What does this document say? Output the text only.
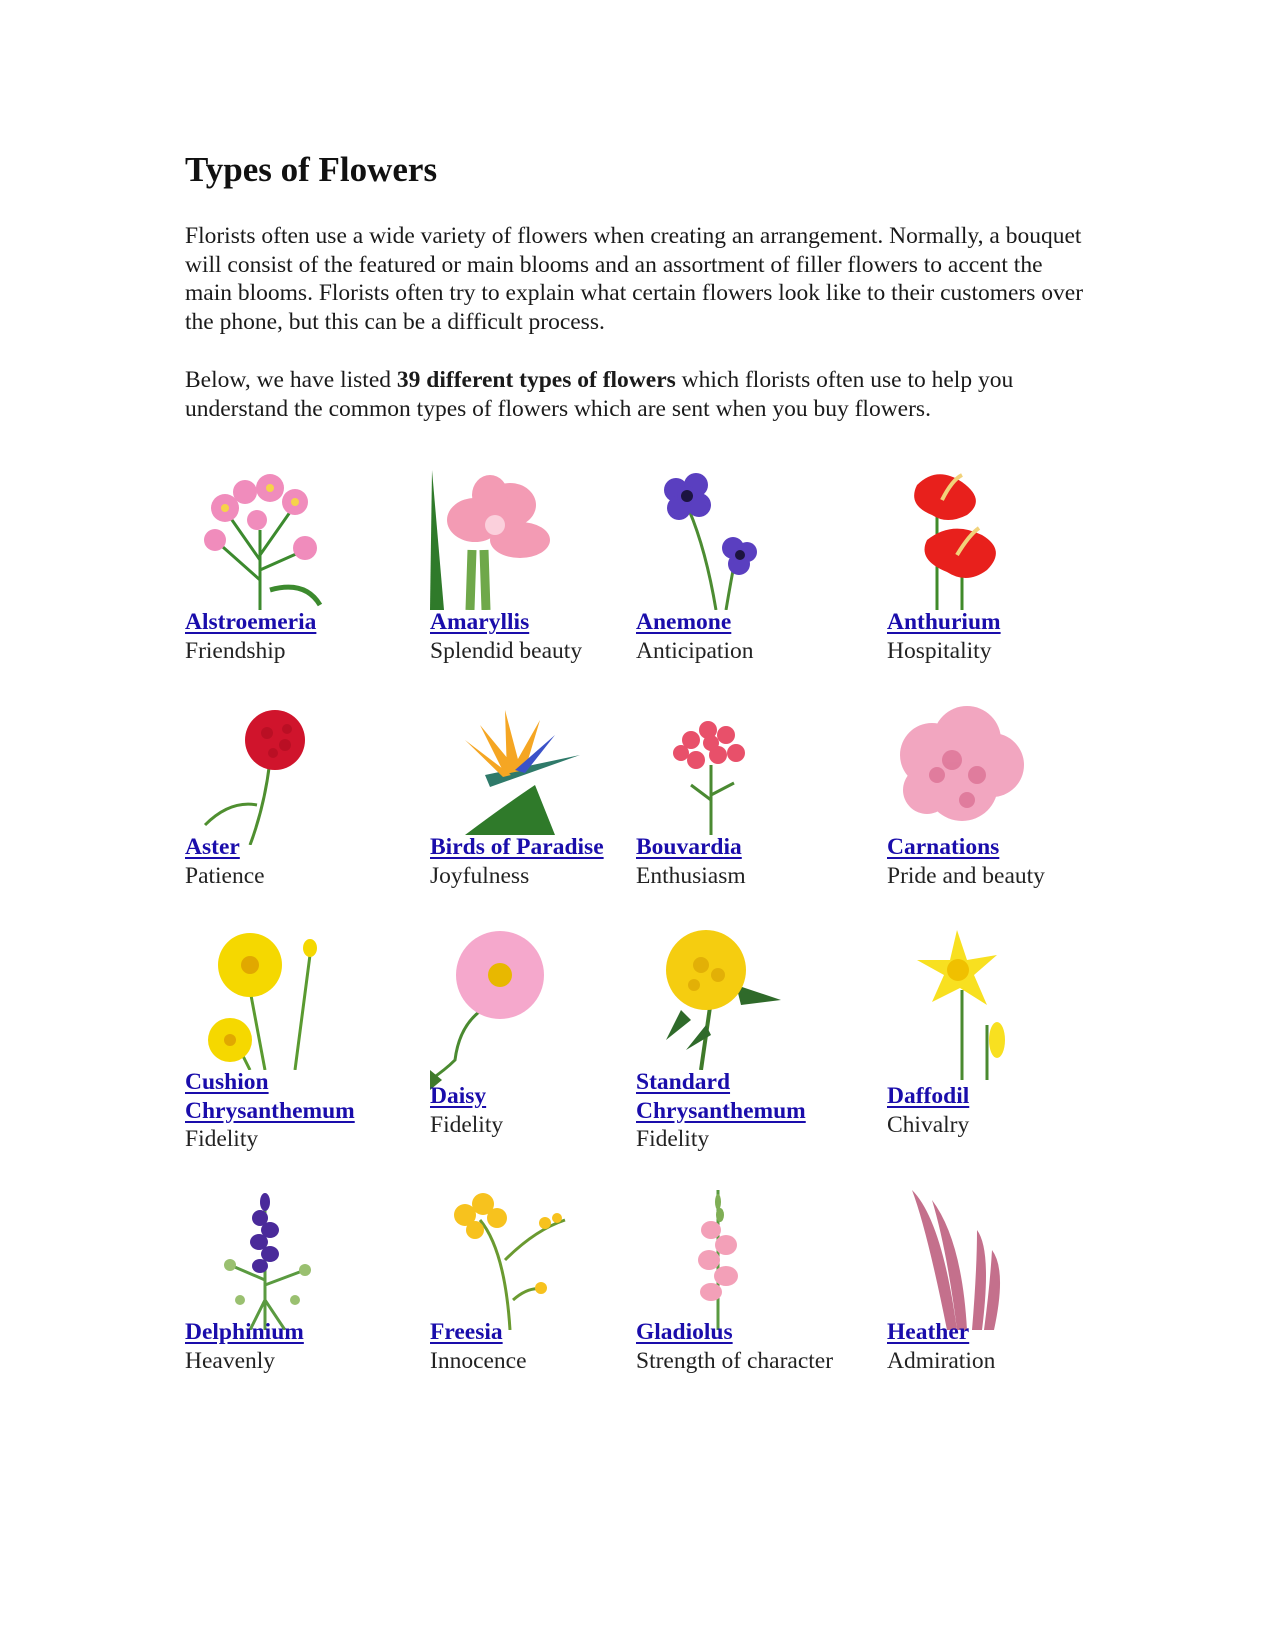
Types of Flowers

Florists often use a wide variety of flowers when creating an arrangement. Normally, a bouquet will consist of the featured or main blooms and an assortment of filler flowers to accent the main blooms. Florists often try to explain what certain flowers look like to their customers over the phone, but this can be a difficult process.

Below, we have listed 39 different types of flowers which florists often use to help you understand the common types of flowers which are sent when you buy flowers.

Alstroemeria
Friendship
Amaryllis
Splendid beauty
Anemone
Anticipation
Anthurium
Hospitality
Aster
Patience
Birds of Paradise
Joyfulness
Bouvardia
Enthusiasm
Carnations
Pride and beauty
Cushion Chrysanthemum
Fidelity
Daisy
Fidelity
Standard Chrysanthemum
Fidelity
Daffodil
Chivalry
Delphinium
Heavenly
Freesia
Innocence
Gladiolus
Strength of character
Heather
Admiration
